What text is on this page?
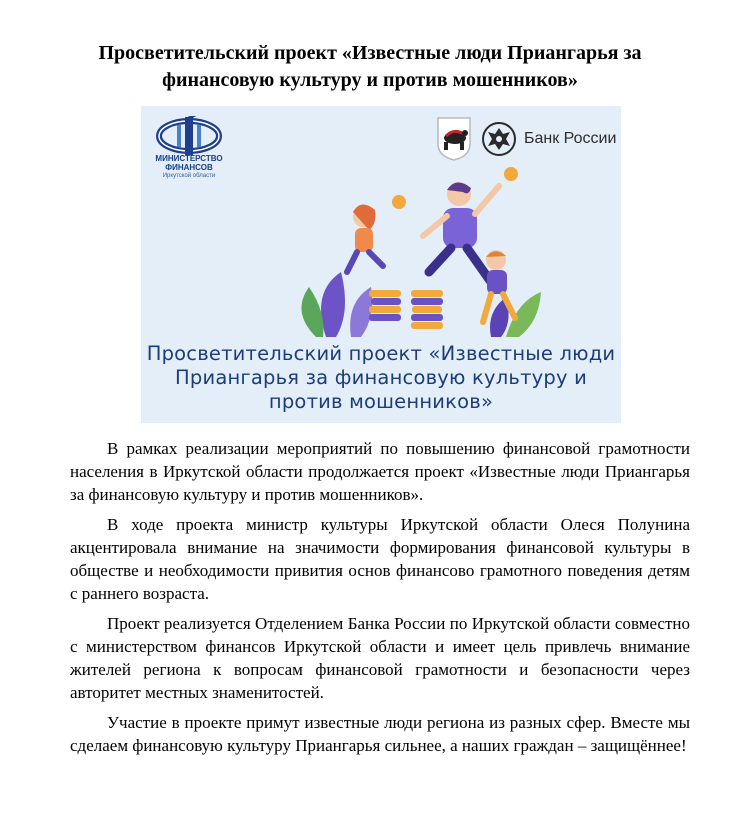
Просветительский проект «Известные люди Приангарья за финансовую культуру и против мошенников»
МИНИСТЕРСТВО
ФИНАНСОВ
Иркутской области
Банк России
Просветительский проект «Известные люди Приангарья за финансовую культуру и против мошенников»

В рамках реализации мероприятий по повышению финансовой грамотности населения в Иркутской области продолжается проект «Известные люди Приангарья за финансовую культуру и против мошенников».

В ходе проекта министр культуры Иркутской области Олеся Полунина акцентировала внимание на значимости формирования финансовой культуры в обществе и необходимости привития основ финансово грамотного поведения детям с раннего возраста.

Проект реализуется Отделением Банка России по Иркутской области совместно с министерством финансов Иркутской области и имеет цель привлечь внимание жителей региона к вопросам финансовой грамотности и безопасности через авторитет местных знаменитостей.

Участие в проекте примут известные люди региона из разных сфер. Вместе мы сделаем финансовую культуру Приангарья сильнее, а наших граждан – защищённее!
